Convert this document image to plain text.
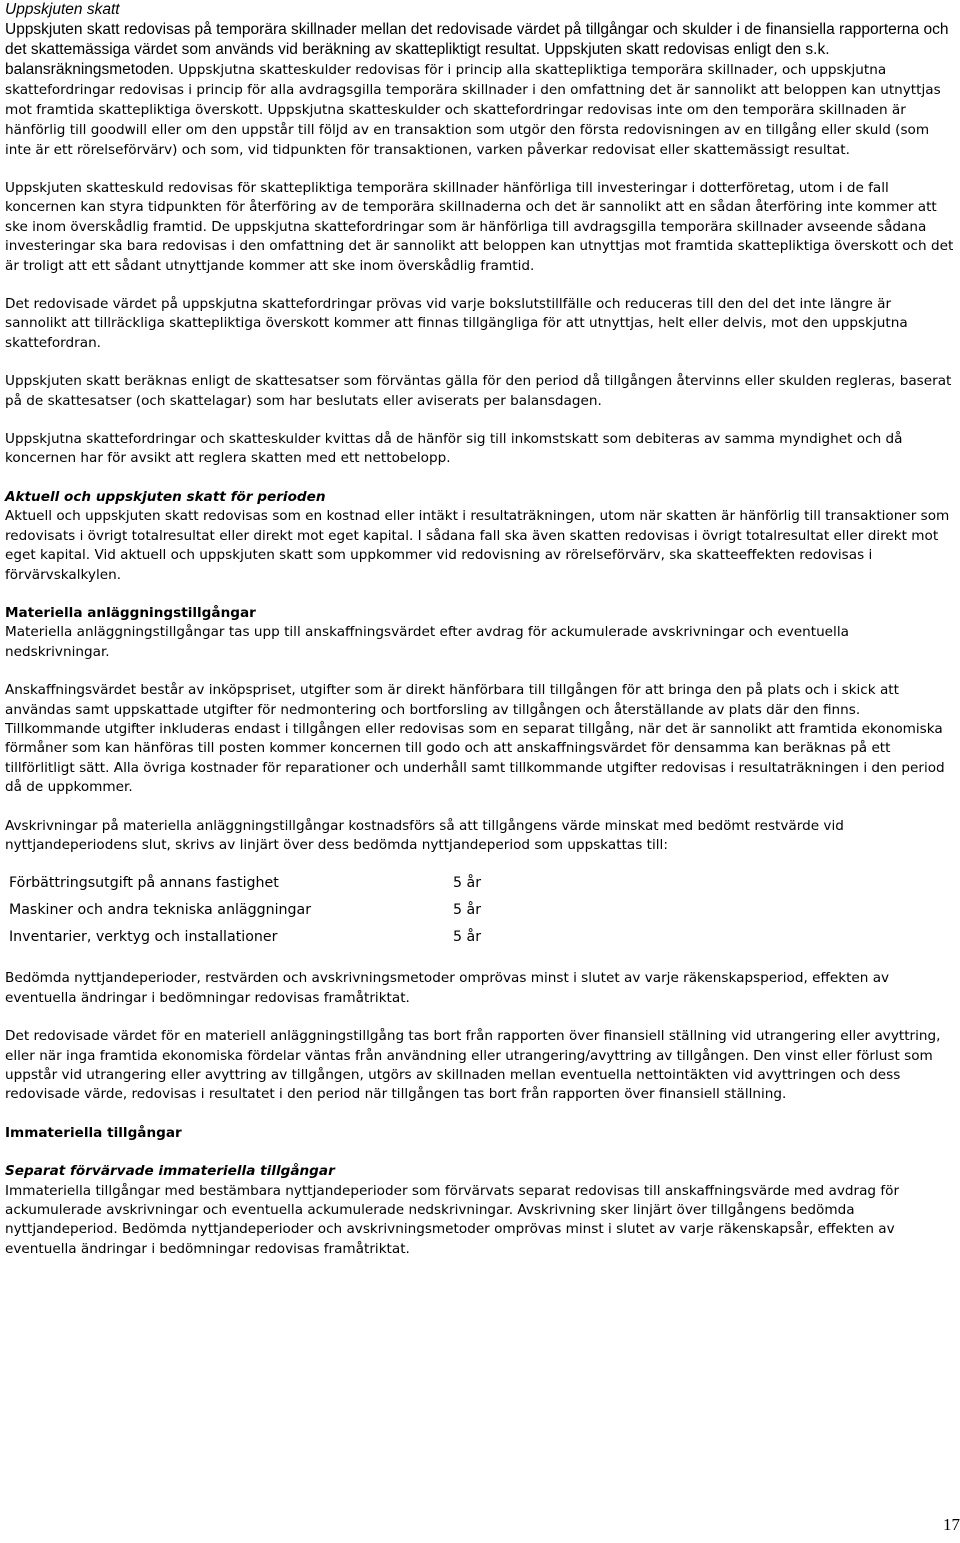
Uppskjuten skatt

Uppskjuten skatt redovisas på temporära skillnader mellan det redovisade värdet på tillgångar och skulder i de finansiella rapporterna och det skattemässiga värdet som används vid beräkning av skattepliktigt resultat. Uppskjuten skatt redovisas enligt den s.k. balansräkningsmetoden. Uppskjutna skatteskulder redovisas för i princip alla skattepliktiga temporära skillnader, och uppskjutna skattefordringar redovisas i princip för alla avdragsgilla temporära skillnader i den omfattning det är sannolikt att beloppen kan utnyttjas mot framtida skattepliktiga överskott. Uppskjutna skatteskulder och skattefordringar redovisas inte om den temporära skillnaden är hänförlig till goodwill eller om den uppstår till följd av en transaktion som utgör den första redovisningen av en tillgång eller skuld (som inte är ett rörelseförvärv) och som, vid tidpunkten för transaktionen, varken påverkar redovisat eller skattemässigt resultat.

Uppskjuten skatteskuld redovisas för skattepliktiga temporära skillnader hänförliga till investeringar i dotterföretag, utom i de fall koncernen kan styra tidpunkten för återföring av de temporära skillnaderna och det är sannolikt att en sådan återföring inte kommer att ske inom överskådlig framtid. De uppskjutna skattefordringar som är hänförliga till avdragsgilla temporära skillnader avseende sådana investeringar ska bara redovisas i den omfattning det är sannolikt att beloppen kan utnyttjas mot framtida skattepliktiga överskott och det är troligt att ett sådant utnyttjande kommer att ske inom överskådlig framtid.

Det redovisade värdet på uppskjutna skattefordringar prövas vid varje bokslutstillfälle och reduceras till den del det inte längre är sannolikt att tillräckliga skattepliktiga överskott kommer att finnas tillgängliga för att utnyttjas, helt eller delvis, mot den uppskjutna skattefordran.

Uppskjuten skatt beräknas enligt de skattesatser som förväntas gälla för den period då tillgången återvinns eller skulden regleras, baserat på de skattesatser (och skattelagar) som har beslutats eller aviserats per balansdagen.

Uppskjutna skattefordringar och skatteskulder kvittas då de hänför sig till inkomstskatt som debiteras av samma myndighet och då koncernen har för avsikt att reglera skatten med ett nettobelopp.

Aktuell och uppskjuten skatt för perioden

Aktuell och uppskjuten skatt redovisas som en kostnad eller intäkt i resultaträkningen, utom när skatten är hänförlig till transaktioner som redovisats i övrigt totalresultat eller direkt mot eget kapital. I sådana fall ska även skatten redovisas i övrigt totalresultat eller direkt mot eget kapital. Vid aktuell och uppskjuten skatt som uppkommer vid redovisning av rörelseförvärv, ska skatteeffekten redovisas i förvärvskalkylen.

Materiella anläggningstillgångar

Materiella anläggningstillgångar tas upp till anskaffningsvärdet efter avdrag för ackumulerade avskrivningar och eventuella nedskrivningar.

Anskaffningsvärdet består av inköpspriset, utgifter som är direkt hänförbara till tillgången för att bringa den på plats och i skick att användas samt uppskattade utgifter för nedmontering och bortforsling av tillgången och återställande av plats där den finns. Tillkommande utgifter inkluderas endast i tillgången eller redovisas som en separat tillgång, när det är sannolikt att framtida ekonomiska förmåner som kan hänföras till posten kommer koncernen till godo och att anskaffningsvärdet för densamma kan beräknas på ett tillförlitligt sätt. Alla övriga kostnader för reparationer och underhåll samt tillkommande utgifter redovisas i resultaträkningen i den period då de uppkommer.

Avskrivningar på materiella anläggningstillgångar kostnadsförs så att tillgångens värde minskat med bedömt restvärde vid nyttjandeperiodens slut, skrivs av linjärt över dess bedömda nyttjandeperiod som uppskattas till:

Förbättringsutgift på annans fastighet	5 år
Maskiner och andra tekniska anläggningar	5 år
Inventarier, verktyg och installationer	5 år

Bedömda nyttjandeperioder, restvärden och avskrivningsmetoder omprövas minst i slutet av varje räkenskapsperiod, effekten av eventuella ändringar i bedömningar redovisas framåtriktat.

Det redovisade värdet för en materiell anläggningstillgång tas bort från rapporten över finansiell ställning vid utrangering eller avyttring, eller när inga framtida ekonomiska fördelar väntas från användning eller utrangering/avyttring av tillgången. Den vinst eller förlust som uppstår vid utrangering eller avyttring av tillgången, utgörs av skillnaden mellan eventuella nettointäkten vid avyttringen och dess redovisade värde, redovisas i resultatet i den period när tillgången tas bort från rapporten över finansiell ställning.

Immateriella tillgångar
Separat förvärvade immateriella tillgångar

Immateriella tillgångar med bestämbara nyttjandeperioder som förvärvats separat redovisas till anskaffningsvärde med avdrag för ackumulerade avskrivningar och eventuella ackumulerade nedskrivningar. Avskrivning sker linjärt över tillgångens bedömda nyttjandeperiod. Bedömda nyttjandeperioder och avskrivningsmetoder omprövas minst i slutet av varje räkenskapsår, effekten av eventuella ändringar i bedömningar redovisas framåtriktat.

17
